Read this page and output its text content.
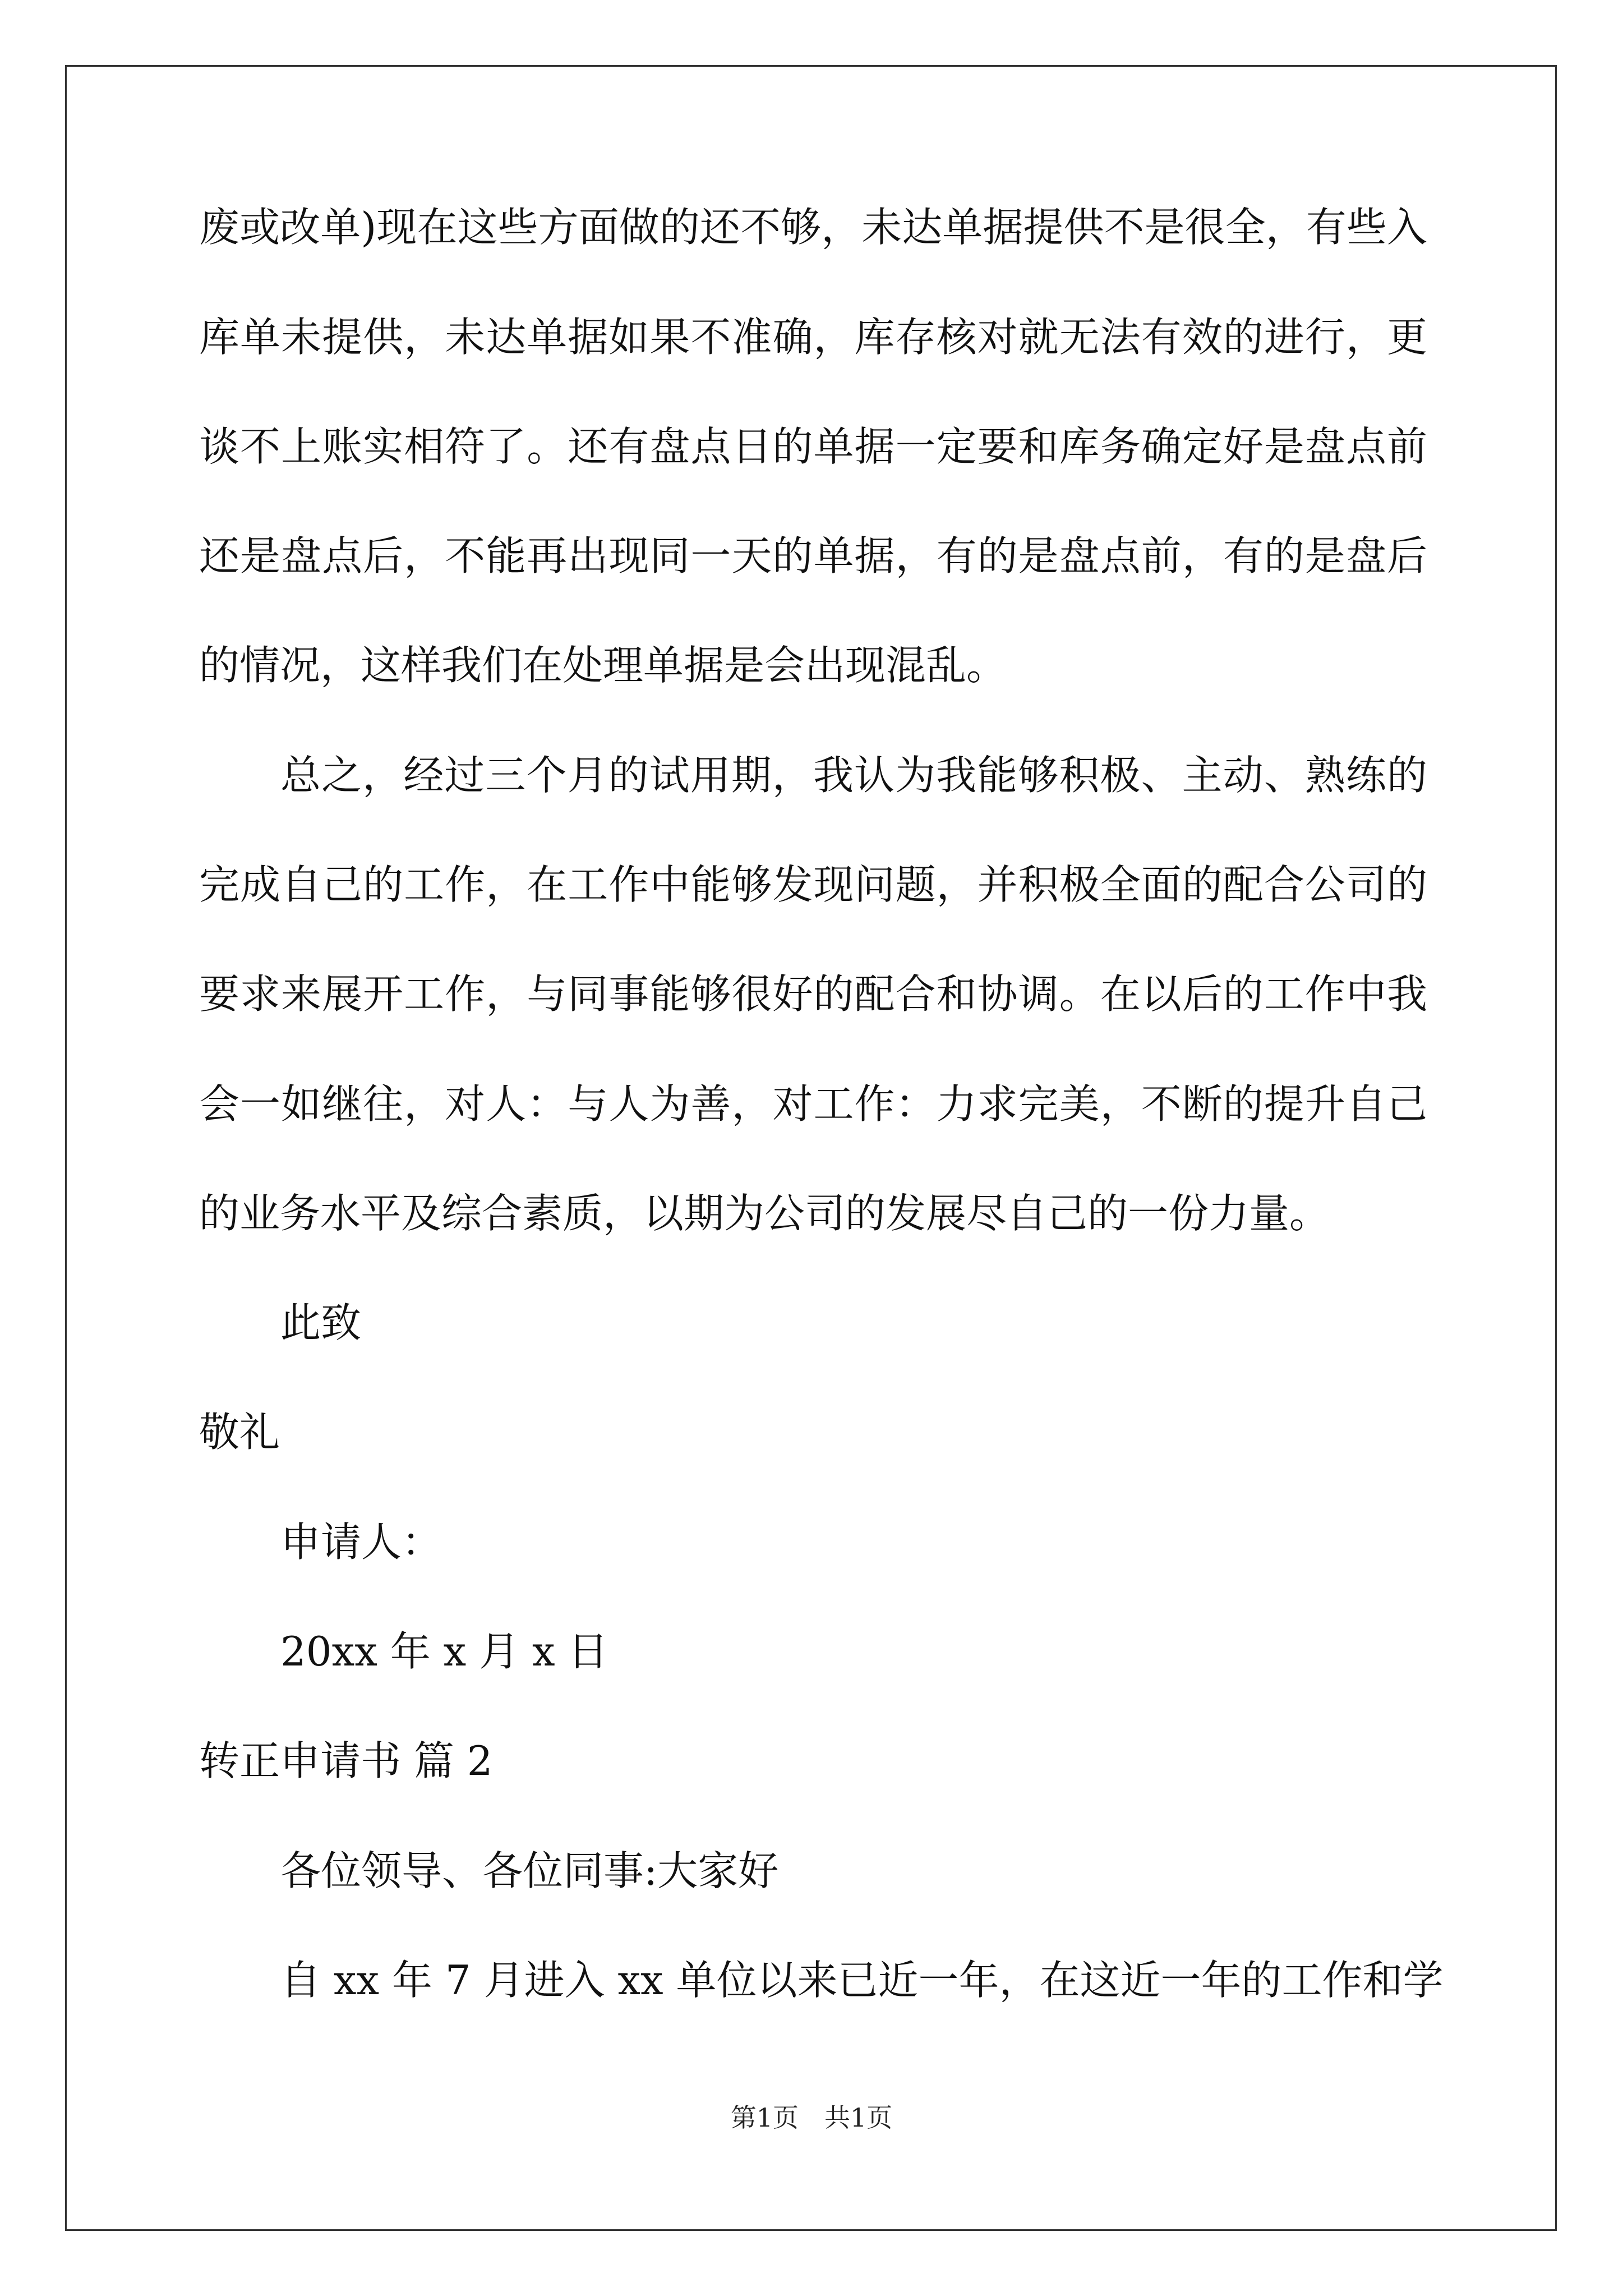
废或改单)现在这些方面做的还不够，未达单据提供不是很全，有些入
库单未提供，未达单据如果不准确，库存核对就无法有效的进行，更
谈不上账实相符了。还有盘点日的单据一定要和库务确定好是盘点前
还是盘点后，不能再出现同一天的单据，有的是盘点前，有的是盘后
的情况，这样我们在处理单据是会出现混乱。
总之，经过三个月的试用期，我认为我能够积极、主动、熟练的
完成自己的工作，在工作中能够发现问题，并积极全面的配合公司的
要求来展开工作，与同事能够很好的配合和协调。在以后的工作中我
会一如继往，对人：与人为善，对工作：力求完美，不断的提升自己
的业务水平及综合素质，以期为公司的发展尽自己的一份力量。
此致
敬礼
申请人：
20xx 年 x 月 x 日
转正申请书 篇 2
各位领导、各位同事:大家好
自 xx 年 7 月进入 xx 单位以来已近一年，在这近一年的工作和学
第1页　共1页
